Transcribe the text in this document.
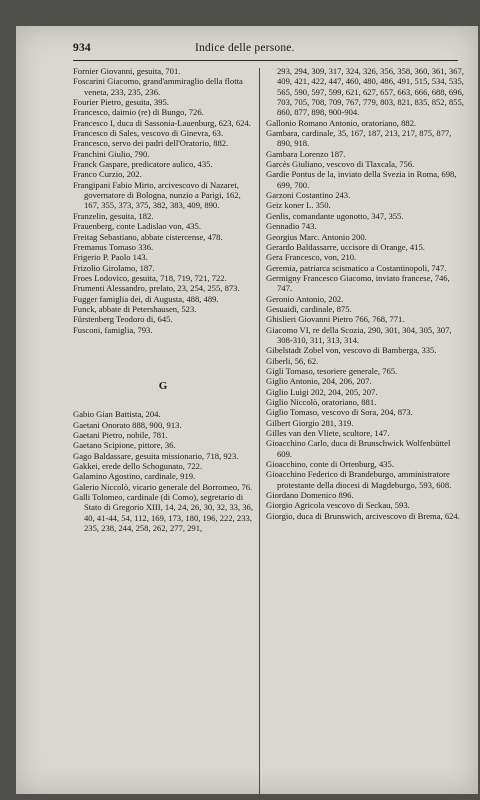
934	Indice delle persone.

Fornier Giovanni, gesuita, 701.

Foscarini Giacomo, grand'ammiraglio della flotta veneta, 233, 235, 236.

Fourier Pietro, gesuita, 395.

Francesco, daimio (re) di Bungo, 726.

Francesco I, duca di Sassonia-Lauenburg, 623, 624.

Francesco di Sales, vescovo di Ginevra, 63.

Francesco, servo dei padri dell'Oratorio, 882.

Franchini Giulio, 790.

Franck Gaspare, predicatore aulico, 435.

Franco Curzio, 202.

Frangipani Fabio Mirto, arcivescovo di Nazaret, governatore di Bologna, nunzio a Parigi, 162, 167, 355, 373, 375, 382, 383, 409, 890.

Franzelin, gesuita, 182.

Frauenberg, conte Ladislao von, 435.

Freitag Sebastiano, abbate cistercense, 478.

Fremanus Tomaso 336.

Frigerio P. Paolo 143.

Frizolio Girolamo, 187.

Froes Lodovico, gesuita, 718, 719, 721, 722.

Frumenti Alessandro, prelato, 23, 254, 255, 873.

Fugger famiglia dei, di Augusta, 488, 489.

Funck, abbate di Petershausen, 523.

Fürstenberg Teodoro di, 645.

Fusconi, famiglia, 793.

G

Gabio Gian Battista, 204.

Gaetani Onorato 888, 900, 913.

Gaetani Pietro, nobile, 781.

Gaetano Scipione, pittore, 36.

Gago Baldassare, gesuita missionario, 718, 923.

Gakkei, erede dello Schogunato, 722.

Galamino Agostino, cardinale, 919.

Galerio Niccolò, vicario generale del Borromeo, 76.

Galli Tolomeo, cardinale (di Como), segretario di Stato di Gregorio XIII, 14, 24, 26, 30, 32, 33, 36, 40, 41-44, 54, 112, 169, 173, 180, 196, 222, 233, 235, 238, 244, 258, 262, 277, 291,

293, 294, 309, 317, 324, 326, 356, 358, 360, 361, 367, 409, 421, 422, 447, 460, 480, 486, 491, 515, 534, 535, 565, 590, 597, 599, 621, 627, 657, 663, 666, 688, 696, 703, 705, 708, 709, 767, 779, 803, 821, 835, 852, 855, 860, 877, 898, 900-904.

Gallonio Romano Antonio, oratoriano, 882.

Gambara, cardinale, 35, 167, 187, 213, 217, 875, 877, 890, 918.

Gambara Lorenzo 187.

Garcès Giuliano, vescovo di Tlaxcala, 756.

Gardie Pontus de la, inviato della Svezia in Roma, 698, 699, 700.

Garzoni Costantino 243.

Geiz koner L. 350.

Genlis, comandante ugonotto, 347, 355.

Gennadio 743.

Georgius Marc. Antonio 200.

Gerardo Baldassarre, uccisore di Orange, 415.

Gera Francesco, von, 210.

Geremia, patriarca scismatico a Costantinopoli, 747.

Germigny Francesco Giacomo, inviato francese, 746, 747.

Geronio Antonio, 202.

Gesuaidi, cardinale, 875.

Ghislieri Giovanni Pietro 766, 768, 771.

Giacomo VI, re della Scozia, 290, 301, 304, 305, 307, 308-310, 311, 313, 314.

Gibelstadt Zobel von, vescovo di Bamberga, 335.

Giberli, 56, 62.

Gigli Tomaso, tesoriere generale, 765.

Giglio Antonio, 204, 206, 207.

Giglio Luigi 202, 204, 205, 207.

Giglio Niccolò, oratoriano, 881.

Giglio Tomaso, vescovo di Sora, 204, 873.

Gilbert Giorgio 281, 319.

Gilles van den Vliete, scultore, 147.

Gioacchino Carlo, duca di Brunschwick Wolfenbüttel 609.

Gioacchino, conte di Ortenburg, 435.

Gioacchino Federico di Brandeburgo, amministratore protestante della diocesi di Magdeburgo, 593, 608.

Giordano Domenico 896.

Giorgio Agricola vescovo di Seckau, 593.

Giorgio, duca di Brunswich, arcivescovo di Brema, 624.
